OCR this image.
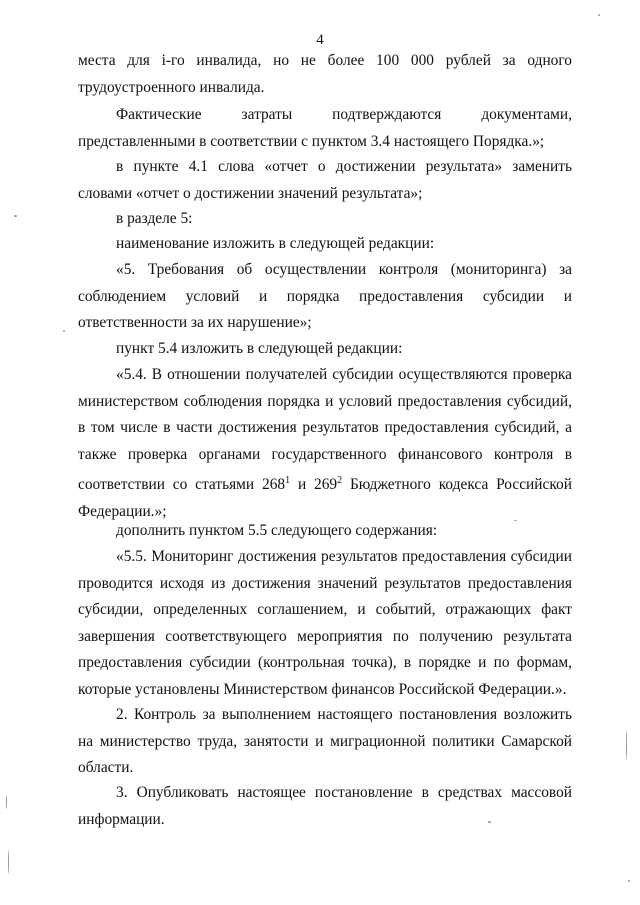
4

места для i-го инвалида, но не более 100 000 рублей за одного трудоустроенного инвалида.

Фактические затраты подтверждаются документами, представленными в соответствии с пунктом 3.4 настоящего Порядка.»;

в пункте 4.1 слова «отчет о достижении результата» заменить словами «отчет о достижении значений результата»;

в разделе 5:

наименование изложить в следующей редакции:

«5. Требования об осуществлении контроля (мониторинга) за соблюдением условий и порядка предоставления субсидии и ответственности за их нарушение»;

пункт 5.4 изложить в следующей редакции:

«5.4. В отношении получателей субсидии осуществляются проверка министерством соблюдения порядка и условий предоставления субсидий, в том числе в части достижения результатов предоставления субсидий, а также проверка органами государственного финансового контроля в соответствии со статьями $268^1$ и $269^2$ Бюджетного кодекса Российской Федерации.»;

дополнить пунктом 5.5 следующего содержания:

«5.5. Мониторинг достижения результатов предоставления субсидии проводится исходя из достижения значений результатов предоставления субсидии, определенных соглашением, и событий, отражающих факт завершения соответствующего мероприятия по получению результата предоставления субсидии (контрольная точка), в порядке и по формам, которые установлены Министерством финансов Российской Федерации.».

2. Контроль за выполнением настоящего постановления возложить на министерство труда, занятости и миграционной политики Самарской области.

3. Опубликовать настоящее постановление в средствах массовой информации.
